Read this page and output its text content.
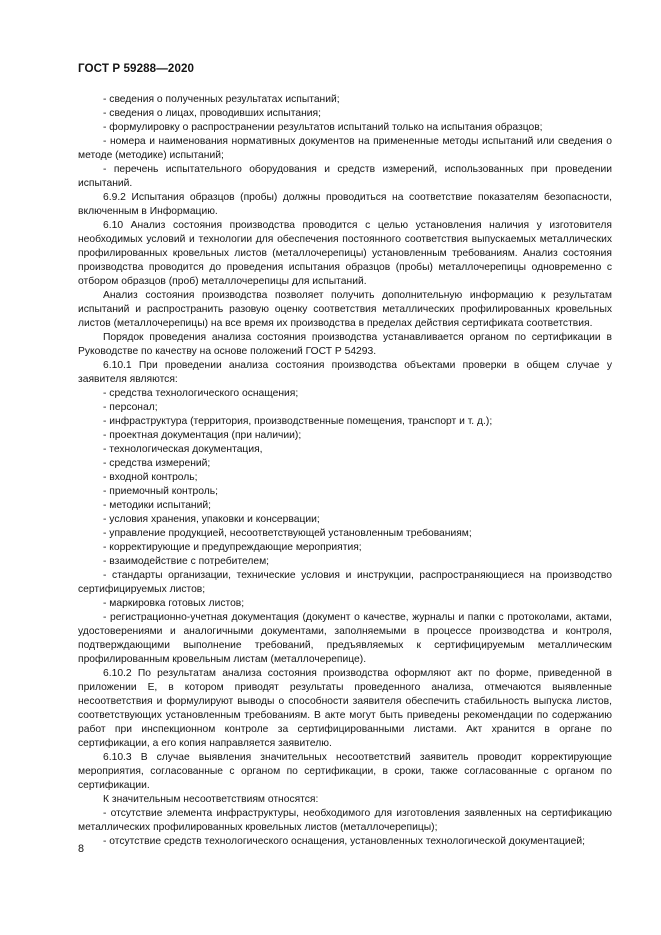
ГОСТ Р 59288—2020

- сведения о полученных результатах испытаний;

- сведения о лицах, проводивших испытания;

- формулировку о распространении результатов испытаний только на испытания образцов;

- номера и наименования нормативных документов на примененные методы испытаний или сведения о методе (методике) испытаний;

- перечень испытательного оборудования и средств измерений, использованных при проведении испытаний.

6.9.2 Испытания образцов (пробы) должны проводиться на соответствие показателям безопасности, включенным в Информацию.

6.10 Анализ состояния производства проводится с целью установления наличия у изготовителя необходимых условий и технологии для обеспечения постоянного соответствия выпускаемых металлических профилированных кровельных листов (металлочерепицы) установленным требованиям. Анализ состояния производства проводится до проведения испытания образцов (пробы) металлочерепицы одновременно с отбором образцов (проб) металлочерепицы для испытаний.

Анализ состояния производства позволяет получить дополнительную информацию к результатам испытаний и распространить разовую оценку соответствия металлических профилированных кровельных листов (металлочерепицы) на все время их производства в пределах действия сертификата соответствия.

Порядок проведения анализа состояния производства устанавливается органом по сертификации в Руководстве по качеству на основе положений ГОСТ Р 54293.

6.10.1 При проведении анализа состояния производства объектами проверки в общем случае у заявителя являются:

- средства технологического оснащения;

- персонал;

- инфраструктура (территория, производственные помещения, транспорт и т. д.);

- проектная документация (при наличии);

- технологическая документация,

- средства измерений;

- входной контроль;

- приемочный контроль;

- методики испытаний;

- условия хранения, упаковки и консервации;

- управление продукцией, несоответствующей установленным требованиям;

- корректирующие и предупреждающие мероприятия;

- взаимодействие с потребителем;

- стандарты организации, технические условия и инструкции, распространяющиеся на производство сертифицируемых листов;

- маркировка готовых листов;

- регистрационно-учетная документация (документ о качестве, журналы и папки с протоколами, актами, удостоверениями и аналогичными документами, заполняемыми в процессе производства и контроля, подтверждающими выполнение требований, предъявляемых к сертифицируемым металлическим профилированным кровельным листам (металлочерепице).

6.10.2 По результатам анализа состояния производства оформляют акт по форме, приведенной в приложении Е, в котором приводят результаты проведенного анализа, отмечаются выявленные несоответствия и формулируют выводы о способности заявителя обеспечить стабильность выпуска листов, соответствующих установленным требованиям. В акте могут быть приведены рекомендации по содержанию работ при инспекционном контроле за сертифицированными листами. Акт хранится в органе по сертификации, а его копия направляется заявителю.

6.10.3 В случае выявления значительных несоответствий заявитель проводит корректирующие мероприятия, согласованные с органом по сертификации, в сроки, также согласованные с органом по сертификации.

К значительным несоответствиям относятся:

- отсутствие элемента инфраструктуры, необходимого для изготовления заявленных на сертификацию металлических профилированных кровельных листов (металлочерепицы);

- отсутствие средств технологического оснащения, установленных технологической документацией;

8
